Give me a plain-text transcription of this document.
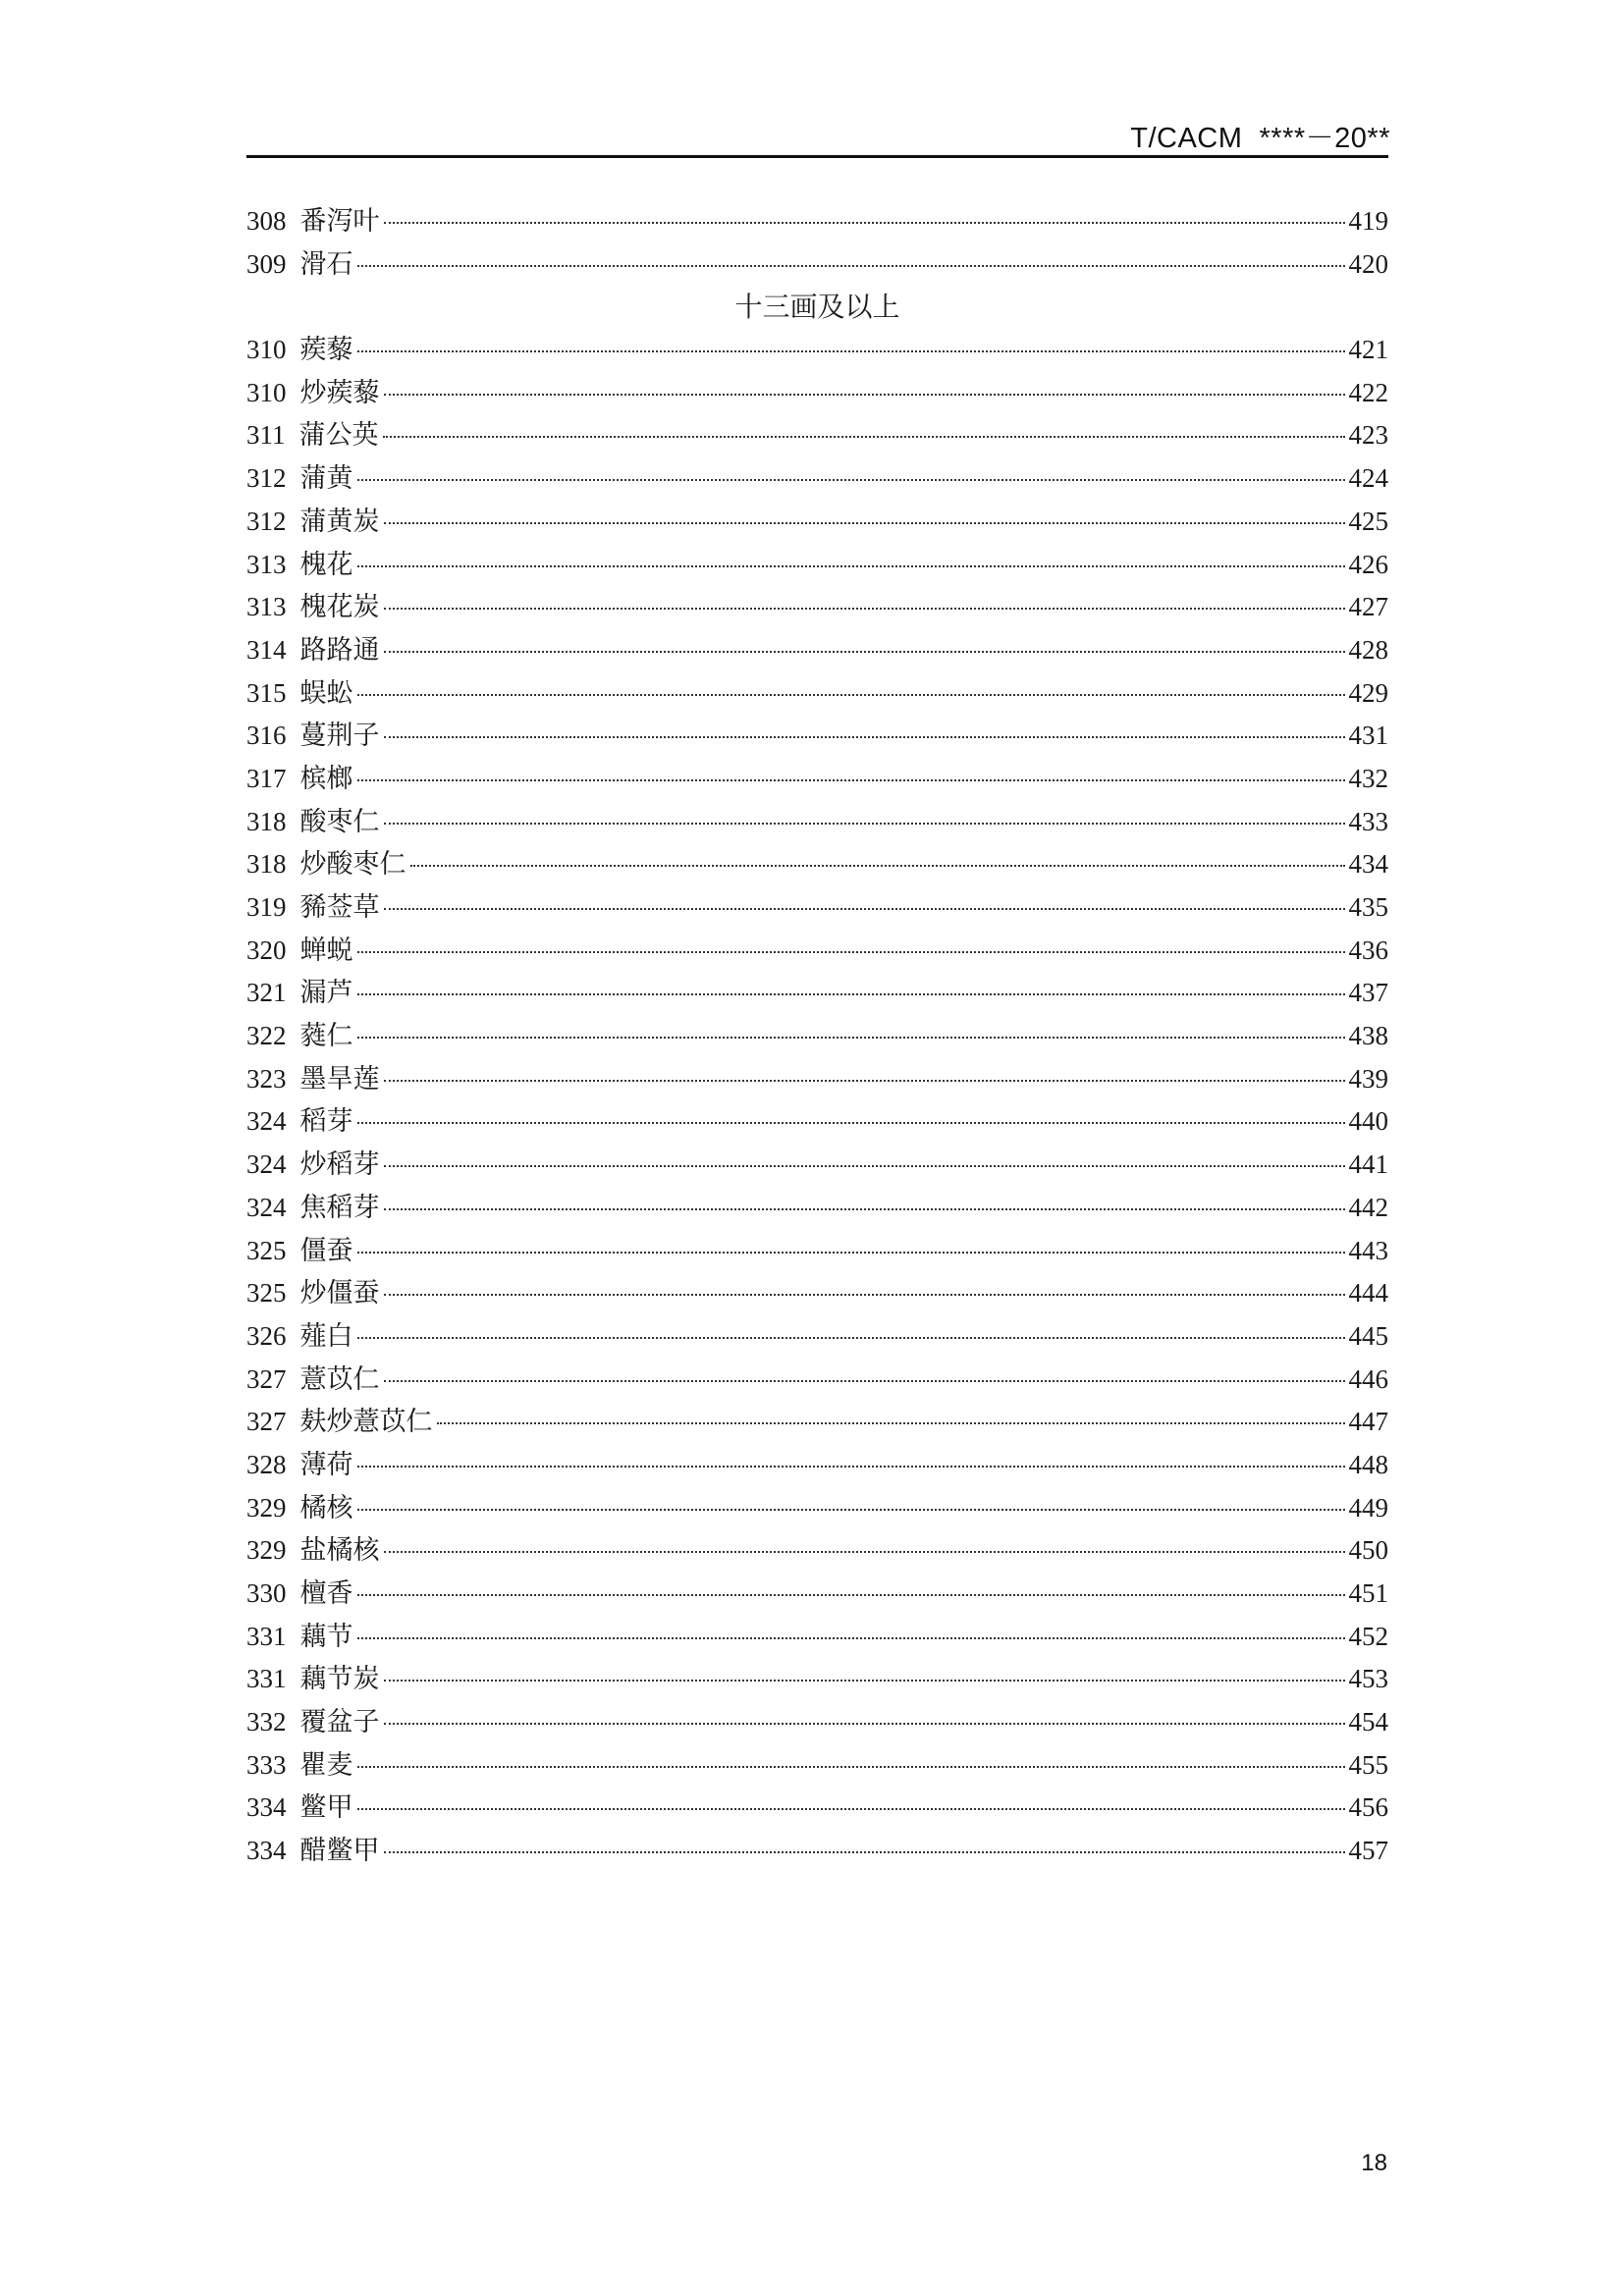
T/CACM  ****－20**
308 番泻叶	419
309 滑石	420
十三画及以上
310 蒺藜	421
310 炒蒺藜	422
311 蒲公英	423
312 蒲黄	424
312 蒲黄炭	425
313 槐花	426
313 槐花炭	427
314 路路通	428
315 蜈蚣	429
316 蔓荆子	431
317 槟榔	432
318 酸枣仁	433
318 炒酸枣仁	434
319 豨莶草	435
320 蝉蜕	436
321 漏芦	437
322 蕤仁	438
323 墨旱莲	439
324 稻芽	440
324 炒稻芽	441
324 焦稻芽	442
325 僵蚕	443
325 炒僵蚕	444
326 薤白	445
327 薏苡仁	446
327 麸炒薏苡仁	447
328 薄荷	448
329 橘核	449
329 盐橘核	450
330 檀香	451
331 藕节	452
331 藕节炭	453
332 覆盆子	454
333 瞿麦	455
334 鳖甲	456
334 醋鳖甲	457
18
